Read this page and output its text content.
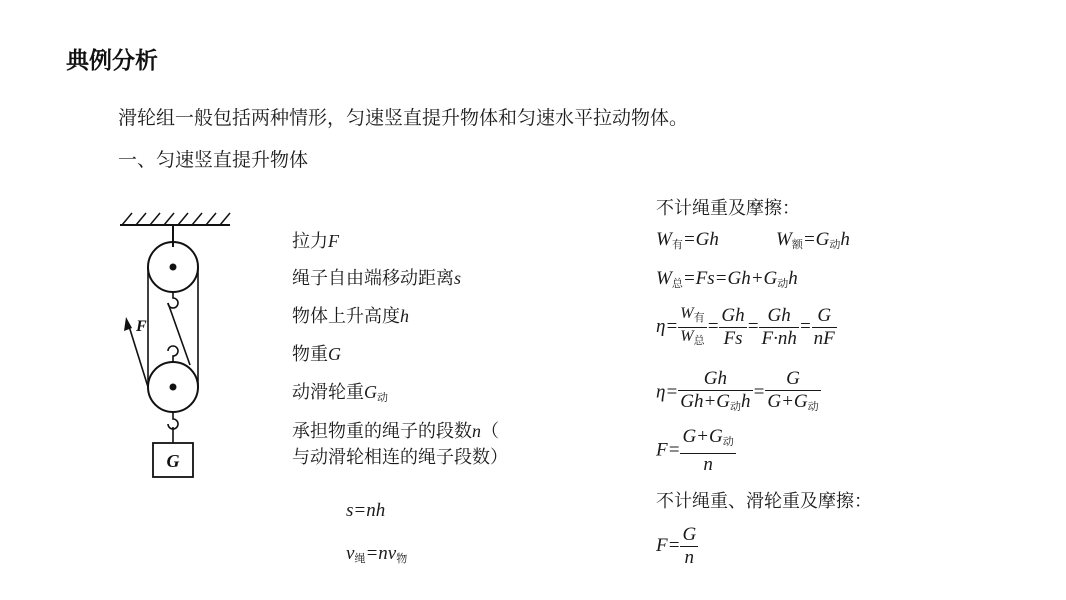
典例分析
滑轮组一般包括两种情形，匀速竖直提升物体和匀速水平拉动物体。
一、匀速竖直提升物体
F
G
拉力F
绳子自由端移动距离s
物体上升高度h
物重G
动滑轮重$G_动$
承担物重的绳子的段数n（
与动滑轮相连的绳子段数）
s=nh
$v_绳=nv_物$
不计绳重及摩擦：
$W_有=Gh$	$W_额=G_动h$
$W_总=Fs=Gh+G_动h$
$\eta= \frac{W_有}{W_总} = \frac{Gh}{Fs} = \frac{Gh}{F\cdot nh} = \frac{G}{nF}$
$\eta= \frac{Gh}{Gh+G_动h} = \frac{G}{G+G_动}$
$F= \frac{G+G_动}{n}$
不计绳重、滑轮重及摩擦：
$F= \frac{G}{n}$
